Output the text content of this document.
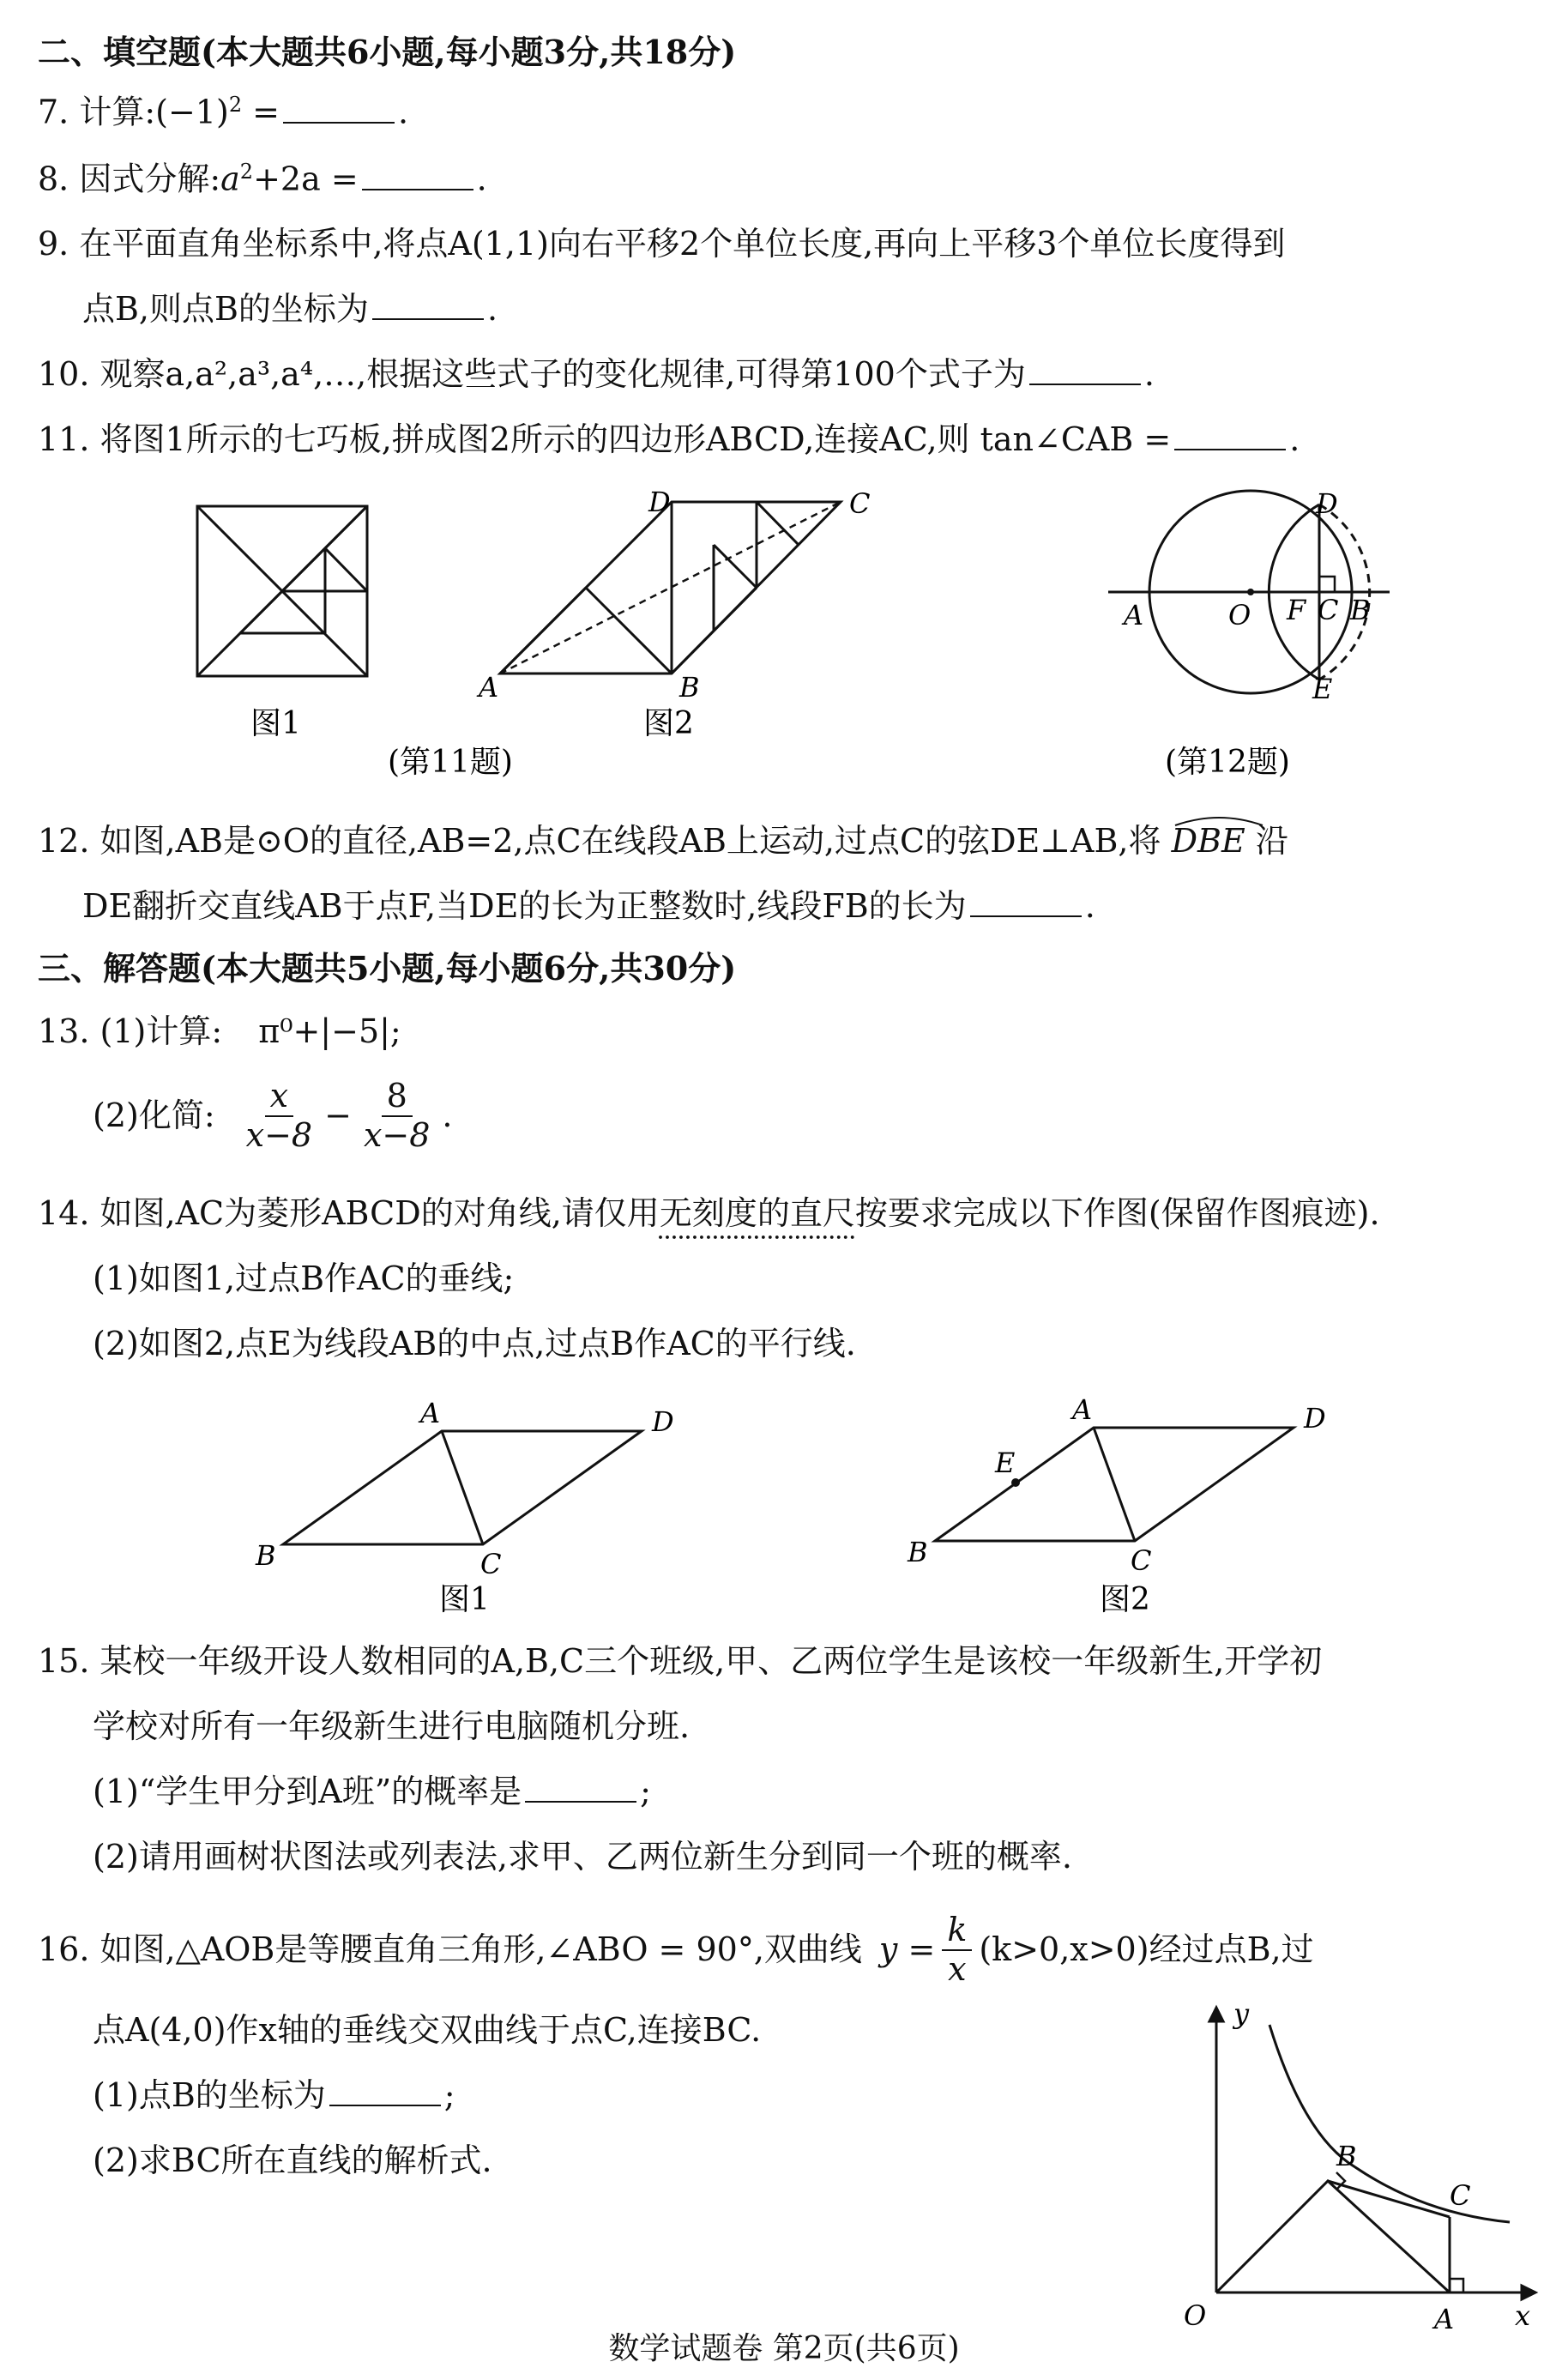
二、填空题(本大题共6小题,每小题3分,共18分)
7. 计算$:(-1)^2$ =	.
8. 因式分解$:a^2+2a$ =	.
9. 在平面直角坐标系中,将点A(1,1)向右平移2个单位长度,再向上平移3个单位长度得到
点B,则点B的坐标为	.
10. 观察a,a²,a³,a⁴,…,根据这些式子的变化规律,可得第100个式子为	.
11. 将图1所示的七巧板,拼成图2所示的四边形ABCD,连接AC,则 tan∠CAB =	.
图1
A	B
C
D
图2
(第11题)
A	O F C B
D
E
(第12题)
12. 如图,AB是⊙O的直径,AB=2,点C在线段AB上运动,过点C的弦DE⊥AB,将 DBE 沿
DE翻折交直线AB于点F,当DE的长为正整数时,线段FB的长为	.
三、解答题(本大题共5小题,每小题6分,共30分)
13. (1)计算: π⁰+|−5|;
(2)化简: $\frac{x}{x-8} - \frac{8}{x-8}$ .
14. 如图,AC为菱形ABCD的对角线,请仅用无刻度的直尺按要求完成以下作图(保留作图痕迹).
(1)如图1,过点B作AC的垂线;
(2)如图2,点E为线段AB的中点,过点B作AC的平行线.
A	D
B	C
图1
A	D
E
B	C
图2
15. 某校一年级开设人数相同的A,B,C三个班级,甲、乙两位学生是该校一年级新生,开学初
学校对所有一年级新生进行电脑随机分班.
(1)“学生甲分到A班”的概率是	;
(2)请用画树状图法或列表法,求甲、乙两位新生分到同一个班的概率.
16. 如图,△AOB是等腰直角三角形,∠ABO = 90°,双曲线 $y = \frac{k}{x} (k>0,x>0)$经过点B,过
点A(4,0)作x轴的垂线交双曲线于点C,连接BC.
(1)点B的坐标为	;
(2)求BC所在直线的解析式.
y
x
O	A
B
C
数学试题卷 第2页(共6页)
